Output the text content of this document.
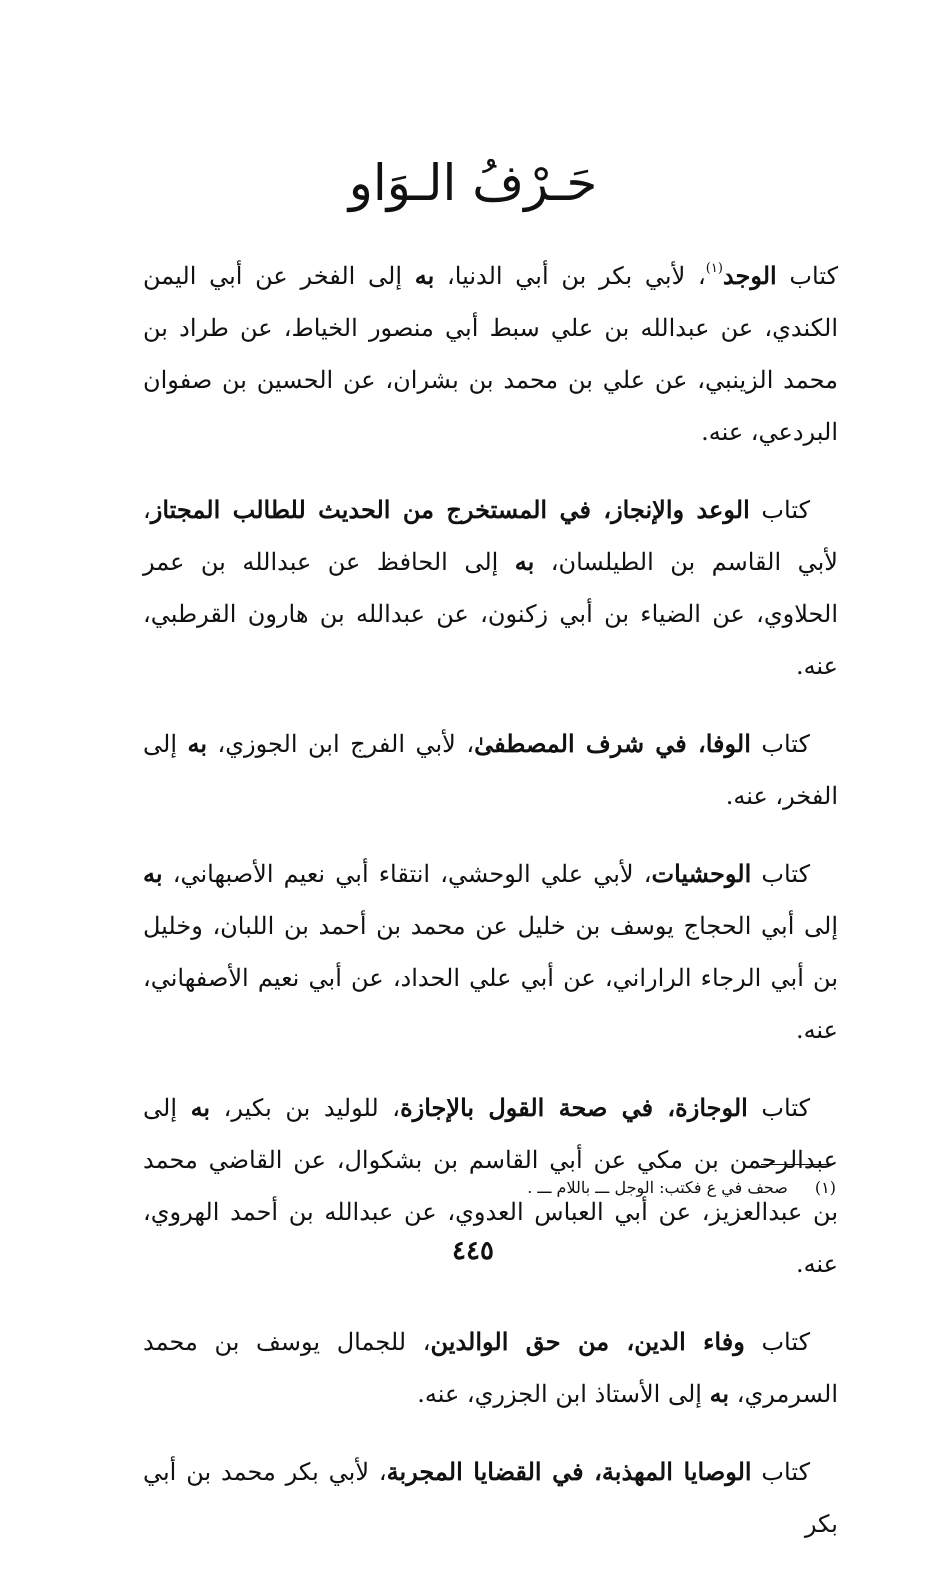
حَـرْفُ الـوَاو

كتاب الوجد$^{(١)}$، لأبي بكر بن أبي الدنيا، به إلى الفخر عن أبي اليمن الكندي، عن عبدالله بن علي سبط أبي منصور الخياط، عن طراد بن محمد الزينبي، عن علي بن محمد بن بشران، عن الحسين بن صفوان البردعي، عنه.

كتاب الوعد والإنجاز، في المستخرج من الحديث للطالب المجتاز، لأبي القاسم بن الطيلسان، به إلى الحافظ عن عبدالله بن عمر الحلاوي، عن الضياء بن أبي زكنون، عن عبدالله بن هارون القرطبي، عنه.

كتاب الوفا، في شرف المصطفىٰ، لأبي الفرج ابن الجوزي، به إلى الفخر، عنه.

كتاب الوحشيات، لأبي علي الوحشي، انتقاء أبي نعيم الأصبهاني، به إلى أبي الحجاج يوسف بن خليل عن محمد بن أحمد بن اللبان، وخليل بن أبي الرجاء الراراني، عن أبي علي الحداد، عن أبي نعيم الأصفهاني، عنه.

كتاب الوجازة، في صحة القول بالإجازة، للوليد بن بكير، به إلى عبدالرحمن بن مكي عن أبي القاسم بن بشكوال، عن القاضي محمد بن عبدالعزيز، عن أبي العباس العدوي، عن عبدالله بن أحمد الهروي، عنه.

كتاب وفاء الدين، من حق الوالدين، للجمال يوسف بن محمد السرمري، به إلى الأستاذ ابن الجزري، عنه.

كتاب الوصايا المهذبة، في القضايا المجربة، لأبي بكر محمد بن أبي بكر

(١) صحف في ع فكتب: الوجل ـــ باللام ـــ .
٤٤٥
